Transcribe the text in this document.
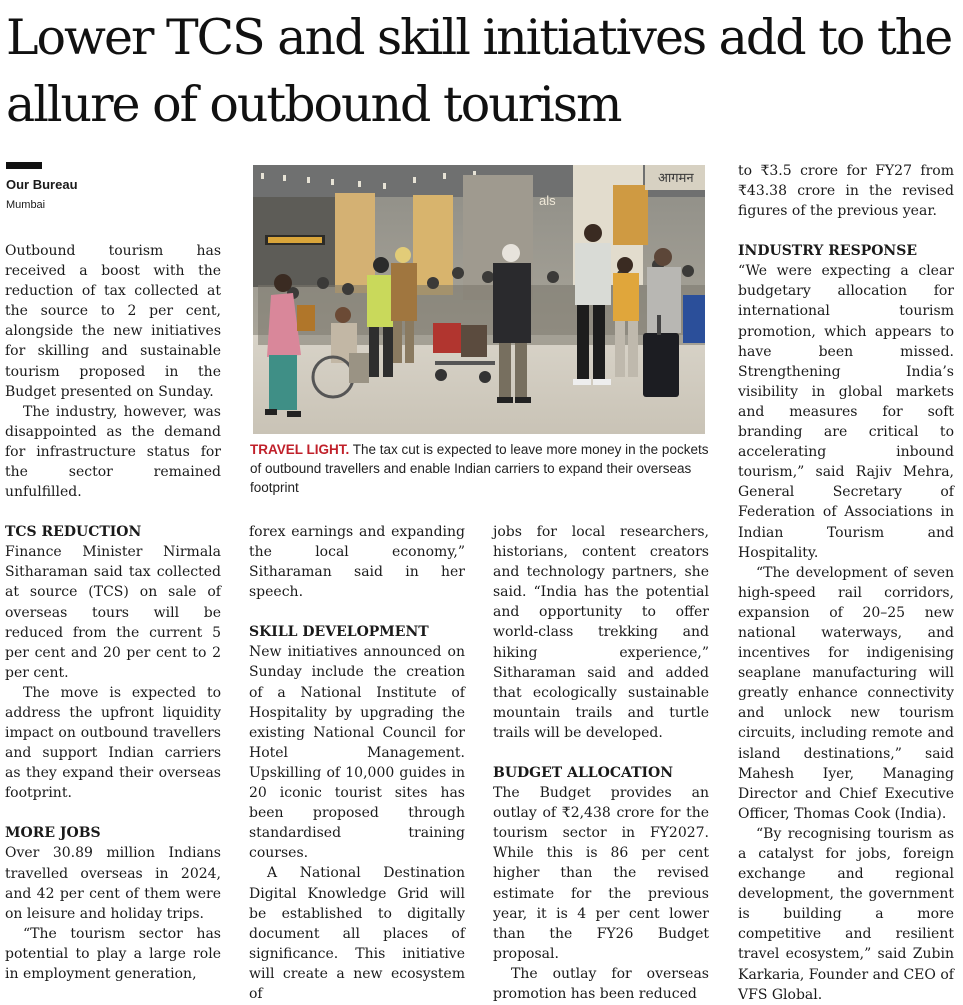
Lower TCS and skill initiatives add to the allure of outbound tourism
Our Bureau
Mumbai

Outbound tourism has received a boost with the reduction of tax collected at the source to 2 per cent, alongside the new initiatives for skilling and sustainable tourism proposed in the Budget presented on Sunday.

The industry, however, was disappointed as the demand for infrastructure status for the sector remained unfulfilled.

TCS REDUCTION

Finance Minister Nirmala Sitharaman said tax collected at source (TCS) on sale of overseas tours will be reduced from the current 5 per cent and 20 per cent to 2 per cent.

The move is expected to address the upfront liquidity impact on outbound travellers and support Indian carriers as they expand their overseas footprint.

MORE JOBS

Over 30.89 million Indians travelled overseas in 2024, and 42 per cent of them were on leisure and holiday trips.

“The tourism sector has potential to play a large role in employment generation,

als
आगमन
TRAVEL LIGHT. The tax cut is expected to leave more money in the pockets of outbound travellers and enable Indian carriers to expand their overseas footprint

forex earnings and expanding the local economy,” Sitharaman said in her speech.

SKILL DEVELOPMENT

New initiatives announced on Sunday include the creation of a National Institute of Hospitality by upgrading the existing National Council for Hotel Management. Upskilling of 10,000 guides in 20 iconic tourist sites has been proposed through standardised training courses.

A National Destination Digital Knowledge Grid will be established to digitally document all places of significance. This initiative will create a new ecosystem of

jobs for local researchers, historians, content creators and technology partners, she said. “India has the potential and opportunity to offer world-class trekking and hiking experience,” Sitharaman said and added that ecologically sustainable mountain trails and turtle trails will be developed.

BUDGET ALLOCATION

The Budget provides an outlay of ₹2,438 crore for the tourism sector in FY2027. While this is 86 per cent higher than the revised estimate for the previous year, it is 4 per cent lower than the FY26 Budget proposal.

The outlay for overseas promotion has been reduced

to ₹3.5 crore for FY27 from ₹43.38 crore in the revised figures of the previous year.

INDUSTRY RESPONSE

“We were expecting a clear budgetary allocation for international tourism promotion, which appears to have been missed. Strengthening India’s visibility in global markets and measures for soft branding are critical to accelerating inbound tourism,” said Rajiv Mehra, General Secretary of Federation of Associations in Indian Tourism and Hospitality.

“The development of seven high-speed rail corridors, expansion of 20–25 new national waterways, and incentives for indigenising seaplane manufacturing will greatly enhance connectivity and unlock new tourism circuits, including remote and island destinations,” said Mahesh Iyer, Managing Director and Chief Executive Officer, Thomas Cook (India).

“By recognising tourism as a catalyst for jobs, foreign exchange and regional development, the government is building a more competitive and resilient travel ecosystem,” said Zubin Karkaria, Founder and CEO of VFS Global.
